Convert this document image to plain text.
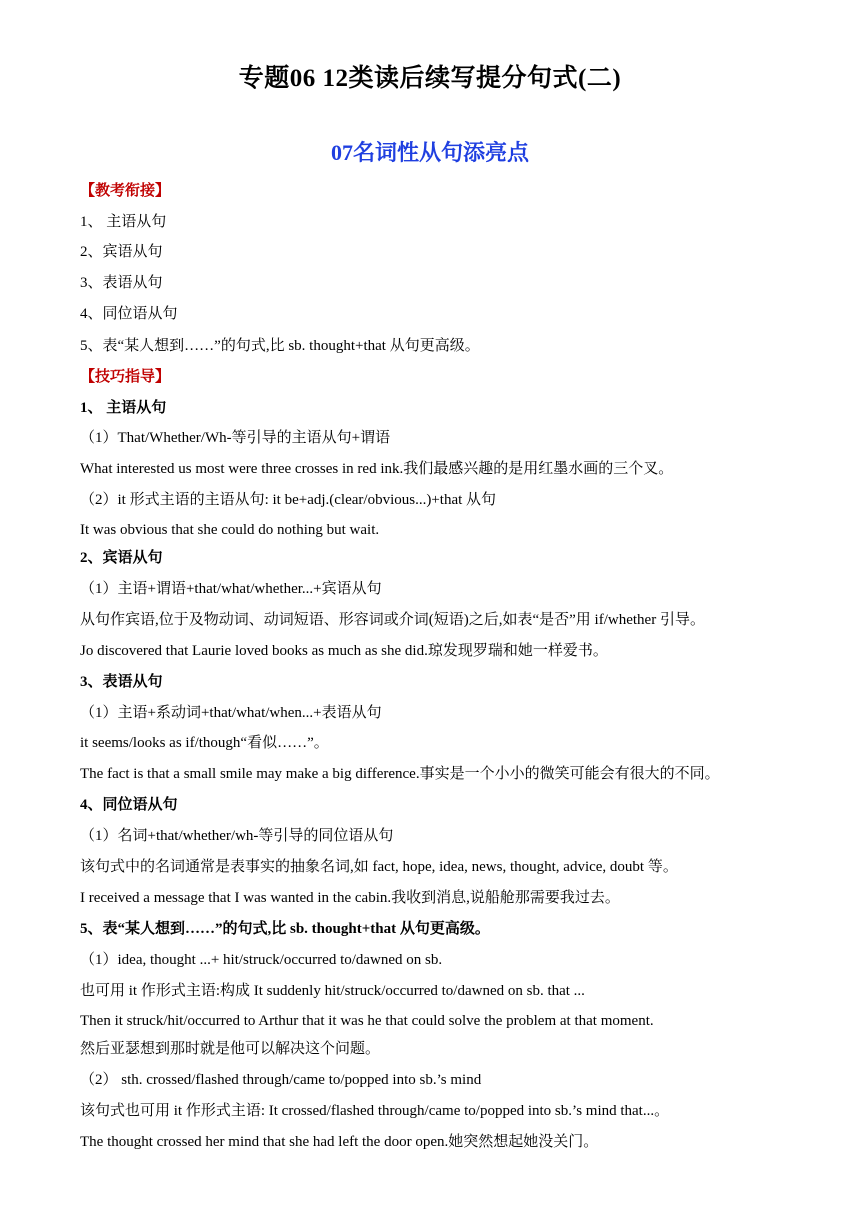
专题06 12类读后续写提分句式(二)
07名词性从句添亮点
【教考衔接】
1、 主语从句
2、宾语从句
3、表语从句
4、同位语从句
5、表“某人想到……”的句式,比 sb. thought+that 从句更高级。
【技巧指导】
1、 主语从句
（1）That/Whether/Wh-等引导的主语从句+谓语
What interested us most were three crosses in red ink.我们最感兴趣的是用红墨水画的三个叉。
（2）it 形式主语的主语从句: it be+adj.(clear/obvious...)+that 从句
It was obvious that she could do nothing but wait.
2、宾语从句
（1）主语+谓语+that/what/whether...+宾语从句
从句作宾语,位于及物动词、动词短语、形容词或介词(短语)之后,如表“是否”用 if/whether 引导。
Jo discovered that Laurie loved books as much as she did.琼发现罗瑞和她一样爱书。
3、表语从句
（1）主语+系动词+that/what/when...+表语从句
it seems/looks as if/though“看似……”。
The fact is that a small smile may make a big difference.事实是一个小小的微笑可能会有很大的不同。
4、同位语从句
（1）名词+that/whether/wh-等引导的同位语从句
该句式中的名词通常是表事实的抽象名词,如 fact, hope, idea, news, thought, advice, doubt 等。
I received a message that I was wanted in the cabin.我收到消息,说船舱那需要我过去。
5、表“某人想到……”的句式,比 sb. thought+that 从句更高级。
（1）idea, thought ...+ hit/struck/occurred to/dawned on sb.
也可用 it 作形式主语:构成 It suddenly hit/struck/occurred to/dawned on sb. that ...
Then it struck/hit/occurred to Arthur that it was he that could solve the problem at that moment.
然后亚瑟想到那时就是他可以解决这个问题。
（2） sth. crossed/flashed through/came to/popped into sb.’s mind
该句式也可用 it 作形式主语: It crossed/flashed through/came to/popped into sb.’s mind that...。
The thought crossed her mind that she had left the door open.她突然想起她没关门。
